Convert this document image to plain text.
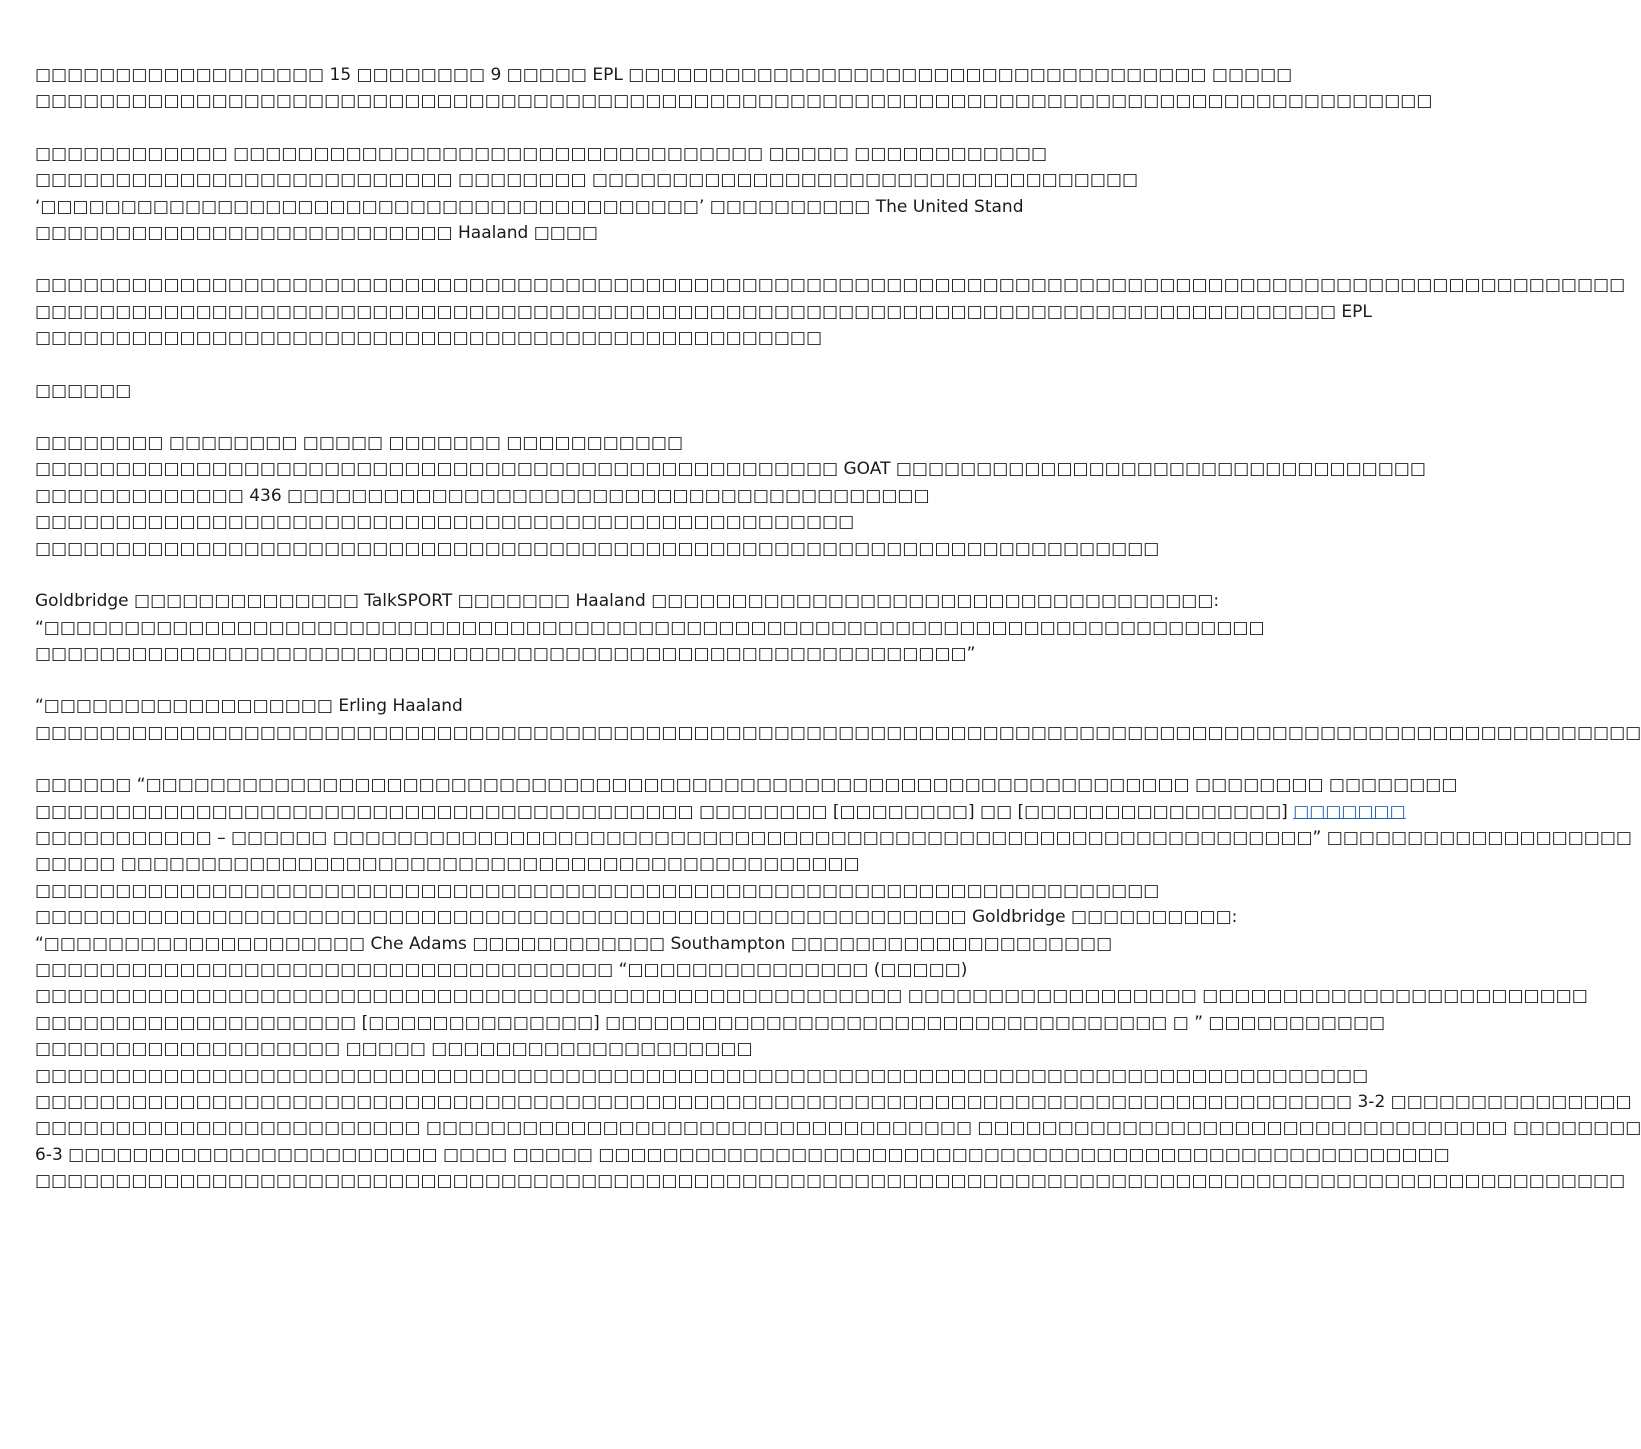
□□□□□□□□□□□□□□□□□□ 15 □□□□□□□□ 9 □□□□□ EPL □□□□□□□□□□□□□□□□□□□□□□□□□□□□□□□□□□□□ □□□□□
□□□□□□□□□□□□□□□□□□□□□□□□□□□□□□□□□□□□□□□□□□□□□□□□□□□□□□□□□□□□□□□□□□□□□□□□□□□□□□□□□□□□□□□

□□□□□□□□□□□□ □□□□□□□□□□□□□□□□□□□□□□□□□□□□□□□□□ □□□□□ □□□□□□□□□□□□
□□□□□□□□□□□□□□□□□□□□□□□□□□ □□□□□□□□ □□□□□□□□□□□□□□□□□□□□□□□□□□□□□□□□□□
‘□□□□□□□□□□□□□□□□□□□□□□□□□□□□□□□□□□□□□□□□□’ □□□□□□□□□□ The United Stand
□□□□□□□□□□□□□□□□□□□□□□□□□□ Haaland □□□□

□□□□□□□□□□□□□□□□□□□□□□□□□□□□□□□□□□□□□□□□□□□□□□□□□□□□□□□□□□□□□□□□□□□□□□□□□□□□□□□□□□□□□□□□□□□□□□□□□□□
□□□□□□□□□□□□□□□□□□□□□□□□□□□□□□□□□□□□□□□□□□□□□□□□□□□□□□□□□□□□□□□□□□□□□□□□□□□□□□□□□ EPL
□□□□□□□□□□□□□□□□□□□□□□□□□□□□□□□□□□□□□□□□□□□□□□□□□

□□□□□□

□□□□□□□□ □□□□□□□□ □□□□□ □□□□□□□ □□□□□□□□□□□
□□□□□□□□□□□□□□□□□□□□□□□□□□□□□□□□□□□□□□□□□□□□□□□□□□ GOAT □□□□□□□□□□□□□□□□□□□□□□□□□□□□□□□□□
□□□□□□□□□□□□□ 436 □□□□□□□□□□□□□□□□□□□□□□□□□□□□□□□□□□□□□□□□
□□□□□□□□□□□□□□□□□□□□□□□□□□□□□□□□□□□□□□□□□□□□□□□□□□□
□□□□□□□□□□□□□□□□□□□□□□□□□□□□□□□□□□□□□□□□□□□□□□□□□□□□□□□□□□□□□□□□□□□□□□

Goldbridge □□□□□□□□□□□□□□ TalkSPORT □□□□□□□ Haaland □□□□□□□□□□□□□□□□□□□□□□□□□□□□□□□□□□□:
“□□□□□□□□□□□□□□□□□□□□□□□□□□□□□□□□□□□□□□□□□□□□□□□□□□□□□□□□□□□□□□□□□□□□□□□□□□□□
□□□□□□□□□□□□□□□□□□□□□□□□□□□□□□□□□□□□□□□□□□□□□□□□□□□□□□□□□□”

“□□□□□□□□□□□□□□□□□□ Erling Haaland
□□□□□□□□□□□□□□□□□□□□□□□□□□□□□□□□□□□□□□□□□□□□□□□□□□□□□□□□□□□□□□□□□□□□□□□□□□□□□□□□□□□□□□□□□□□□□□□□□□□□

□□□□□□ “□□□□□□□□□□□□□□□□□□□□□□□□□□□□□□□□□□□□□□□□□□□□□□□□□□□□□□□□□□□□□□□□□ □□□□□□□□ □□□□□□□□
□□□□□□□□□□□□□□□□□□□□□□□□□□□□□□□□□□□□□□□□□ □□□□□□□□ [□□□□□□□□] □□ [□□□□□□□□□□□□□□□□] □□□□□□□
□□□□□□□□□□□ – □□□□□□ □□□□□□□□□□□□□□□□□□□□□□□□□□□□□□□□□□□□□□□□□□□□□□□□□□□□□□□□□□□□□” □□□□□□□□□□□□□□□□□□□
□□□□□ □□□□□□□□□□□□□□□□□□□□□□□□□□□□□□□□□□□□□□□□□□□□□□
□□□□□□□□□□□□□□□□□□□□□□□□□□□□□□□□□□□□□□□□□□□□□□□□□□□□□□□□□□□□□□□□□□□□□□
□□□□□□□□□□□□□□□□□□□□□□□□□□□□□□□□□□□□□□□□□□□□□□□□□□□□□□□□□□ Goldbridge □□□□□□□□□□:
“□□□□□□□□□□□□□□□□□□□□ Che Adams □□□□□□□□□□□□ Southampton □□□□□□□□□□□□□□□□□□□□
□□□□□□□□□□□□□□□□□□□□□□□□□□□□□□□□□□□□ “□□□□□□□□□□□□□□□ (□□□□□)
□□□□□□□□□□□□□□□□□□□□□□□□□□□□□□□□□□□□□□□□□□□□□□□□□□□□□□ □□□□□□□□□□□□□□□□□□ □□□□□□□□□□□□□□□□□□□□□□□□
□□□□□□□□□□□□□□□□□□□□ [□□□□□□□□□□□□□□] □□□□□□□□□□□□□□□□□□□□□□□□□□□□□□□□□□□ □ ” □□□□□□□□□□□
□□□□□□□□□□□□□□□□□□□ □□□□□ □□□□□□□□□□□□□□□□□□□□
□□□□□□□□□□□□□□□□□□□□□□□□□□□□□□□□□□□□□□□□□□□□□□□□□□□□□□□□□□□□□□□□□□□□□□□□□□□□□□□□□□□
□□□□□□□□□□□□□□□□□□□□□□□□□□□□□□□□□□□□□□□□□□□□□□□□□□□□□□□□□□□□□□□□□□□□□□□□□□□□□□□□□□ 3-2 □□□□□□□□□□□□□□□
□□□□□□□□□□□□□□□□□□□□□□□□ □□□□□□□□□□□□□□□□□□□□□□□□□□□□□□□□□□ □□□□□□□□□□□□□□□□□□□□□□□□□□□□□□□□□ □□□□□□□□
6-3 □□□□□□□□□□□□□□□□□□□□□□□ □□□□ □□□□□ □□□□□□□□□□□□□□□□□□□□□□□□□□□□□□□□□□□□□□□□□□□□□□□□□□□□□
□□□□□□□□□□□□□□□□□□□□□□□□□□□□□□□□□□□□□□□□□□□□□□□□□□□□□□□□□□□□□□□□□□□□□□□□□□□□□□□□□□□□□□□□□□□□□□□□□□□
